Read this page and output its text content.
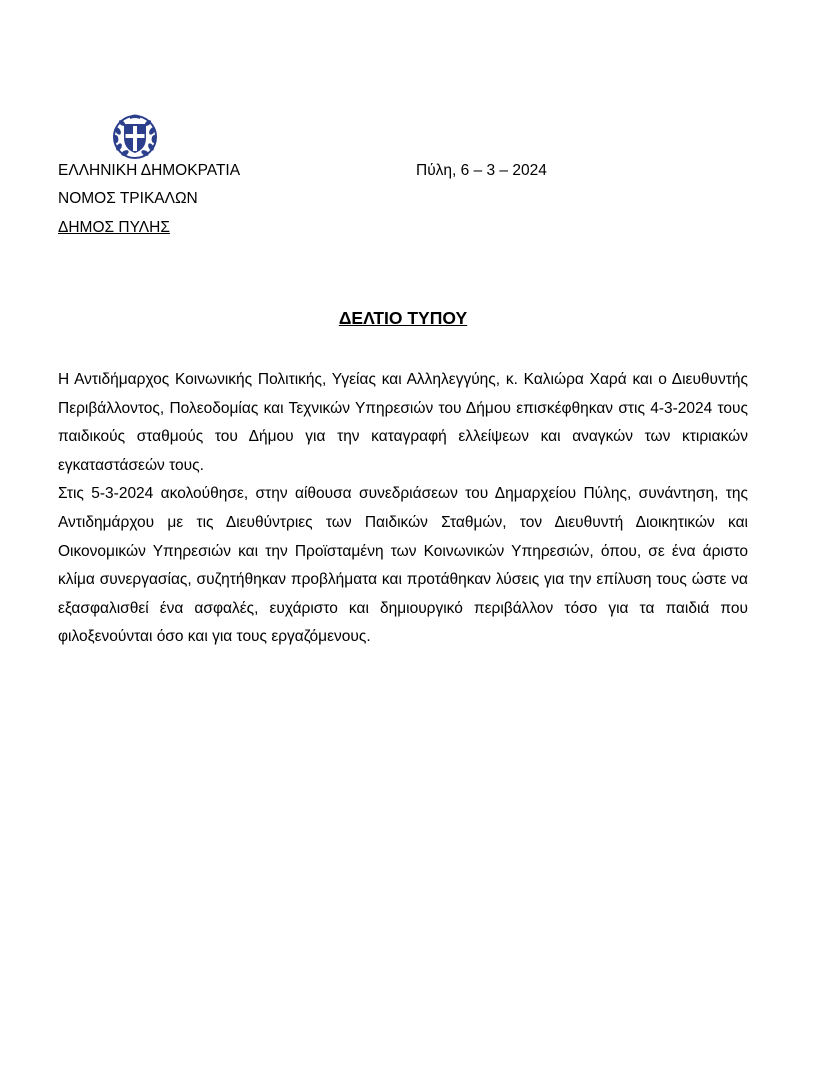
ΕΛΛΗΝΙΚΗ ΔΗΜΟΚΡΑΤΙΑ
ΝΟΜΟΣ ΤΡΙΚΑΛΩΝ
ΔΗΜΟΣ ΠΥΛΗΣ
Πύλη, 6 – 3 – 2024
ΔΕΛΤΙΟ ΤΥΠΟΥ

Η Αντιδήμαρχος Κοινωνικής Πολιτικής, Υγείας και Αλληλεγγύης, κ. Καλιώρα Χαρά και ο Διευθυντής Περιβάλλοντος, Πολεοδομίας και Τεχνικών Υπηρεσιών του Δήμου επισκέφθηκαν στις 4-3-2024 τους παιδικούς σταθμούς του Δήμου για την καταγραφή ελλείψεων και αναγκών των κτιριακών εγκαταστάσεών τους.

Στις 5-3-2024 ακολούθησε, στην αίθουσα συνεδριάσεων του Δημαρχείου Πύλης, συνάντηση, της Αντιδημάρχου με τις Διευθύντριες των Παιδικών Σταθμών, τον Διευθυντή Διοικητικών και Οικονομικών Υπηρεσιών και την Προϊσταμένη των Κοινωνικών Υπηρεσιών, όπου, σε ένα άριστο κλίμα συνεργασίας, συζητήθηκαν προβλήματα και προτάθηκαν λύσεις για την επίλυση τους ώστε να εξασφαλισθεί ένα ασφαλές, ευχάριστο και δημιουργικό περιβάλλον τόσο για τα παιδιά που φιλοξενούνται όσο και για τους εργαζόμενους.
